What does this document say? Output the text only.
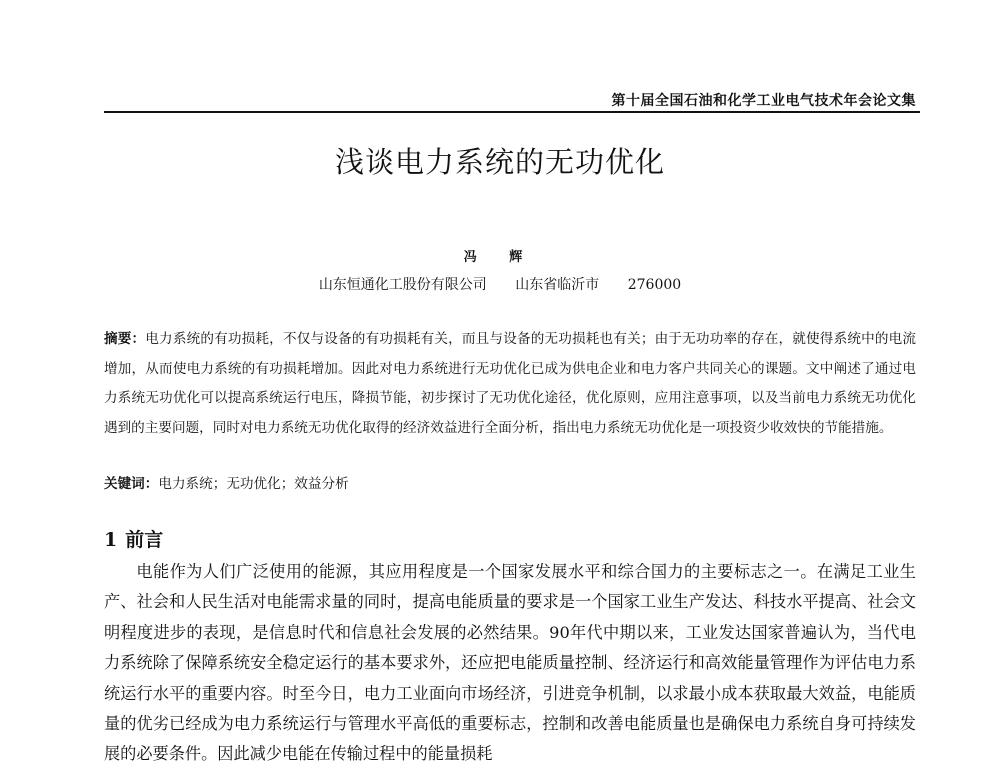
第十届全国石油和化学工业电气技术年会论文集
浅谈电力系统的无功优化
冯 辉
山东恒通化工股份有限公司 山东省临沂市 276000
摘要：电力系统的有功损耗，不仅与设备的有功损耗有关，而且与设备的无功损耗也有关；由于无功功率的存在，就使得系统中的电流增加，从而使电力系统的有功损耗增加。因此对电力系统进行无功优化已成为供电企业和电力客户共同关心的课题。文中阐述了通过电力系统无功优化可以提高系统运行电压，降损节能，初步探讨了无功优化途径，优化原则，应用注意事项，以及当前电力系统无功优化遇到的主要问题，同时对电力系统无功优化取得的经济效益进行全面分析，指出电力系统无功优化是一项投资少收效快的节能措施。
关键词：电力系统；无功优化；效益分析
1 前言

电能作为人们广泛使用的能源，其应用程度是一个国家发展水平和综合国力的主要标志之一。在满足工业生产、社会和人民生活对电能需求量的同时，提高电能质量的要求是一个国家工业生产发达、科技水平提高、社会文明程度进步的表现，是信息时代和信息社会发展的必然结果。90年代中期以来，工业发达国家普遍认为，当代电力系统除了保障系统安全稳定运行的基本要求外，还应把电能质量控制、经济运行和高效能量管理作为评估电力系统运行水平的重要内容。时至今日，电力工业面向市场经济，引进竞争机制，以求最小成本获取最大效益，电能质量的优劣已经成为电力系统运行与管理水平高低的重要标志，控制和改善电能质量也是确保电力系统自身可持续发展的必要条件。因此减少电能在传输过程中的能量损耗
